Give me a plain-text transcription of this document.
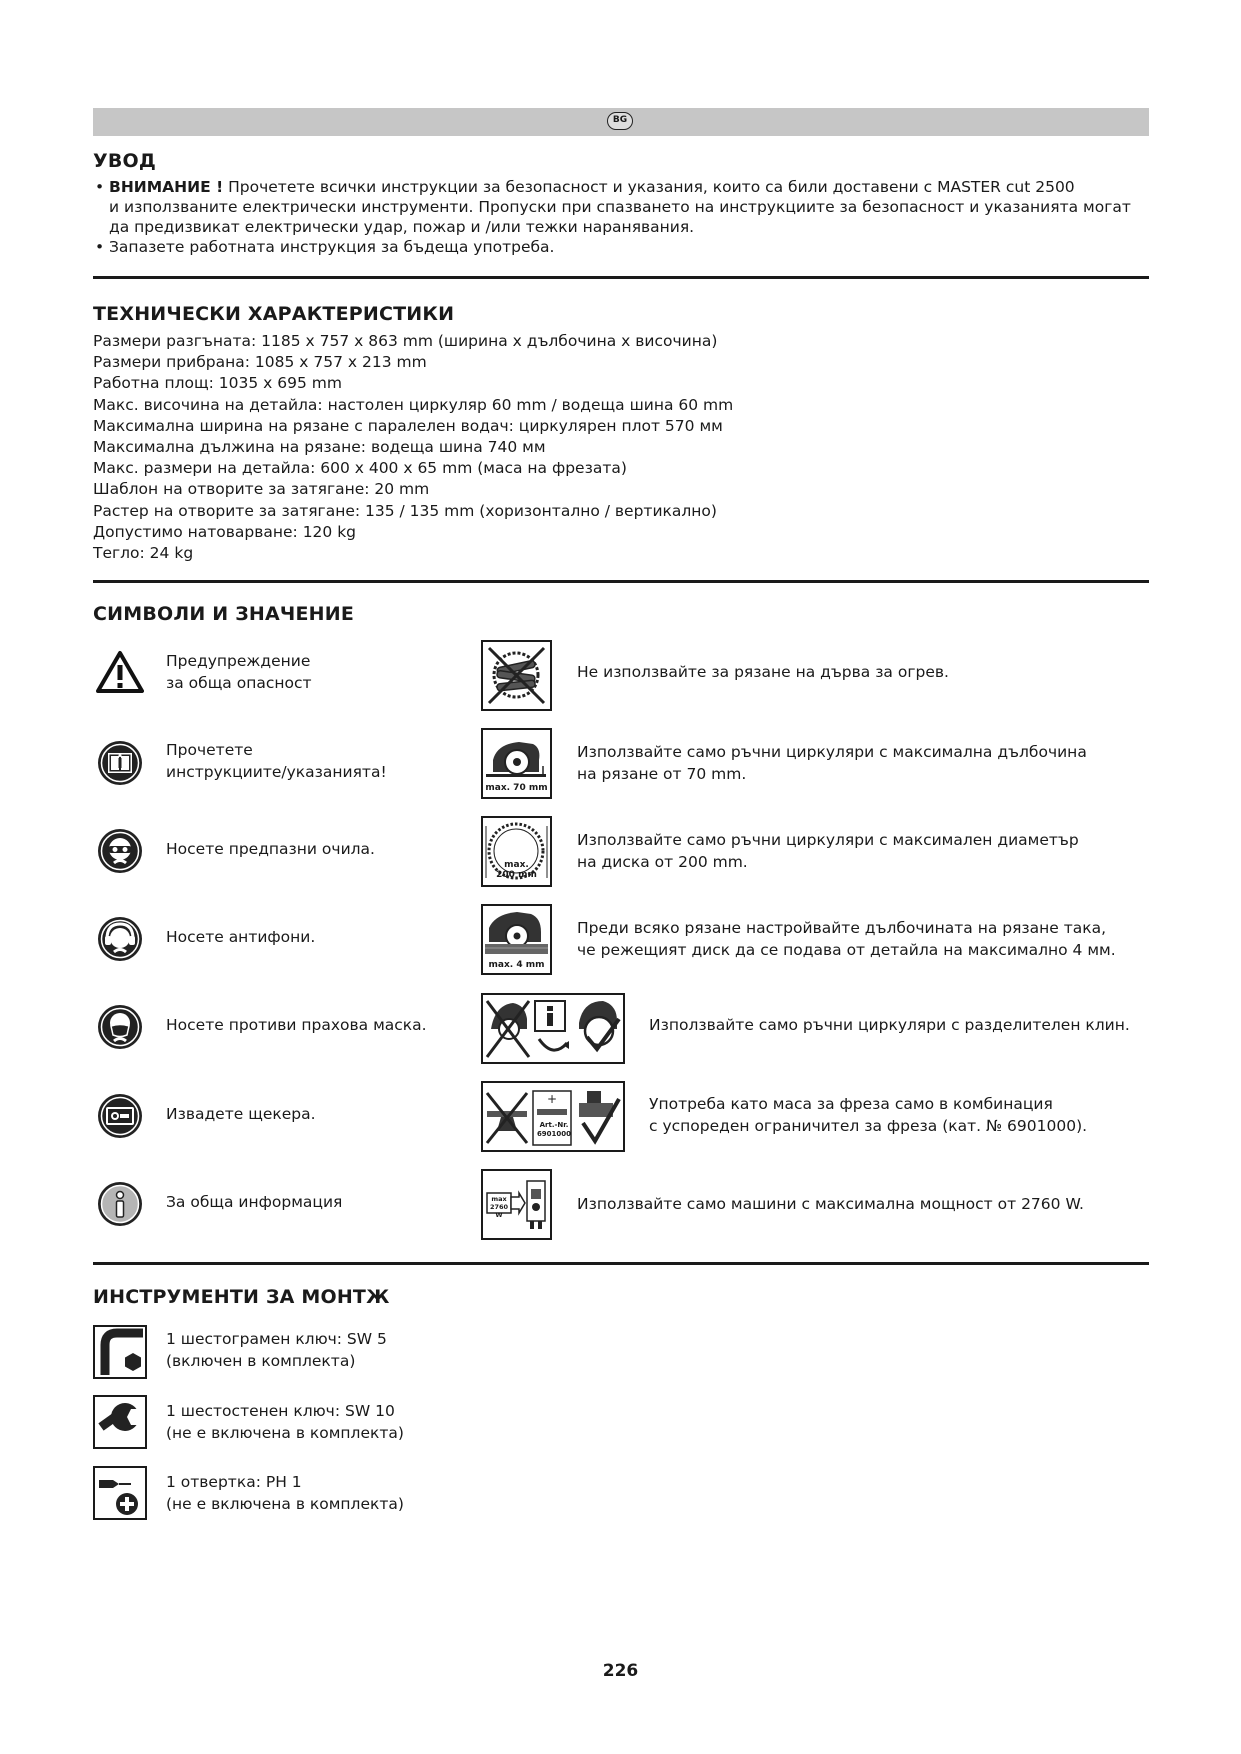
BG
УВОД
• ВНИМАНИЕ ! Прочетете всички инструкции за безопасност и указания, които са били доставени с MASTER cut 2500
и използваните електрически инструменти. Пропуски при спазването на инструкциите за безопасност и указанията могат
да предизвикат електрически удар, пожар и /или тежки наранявания.
• Запазете работната инструкция за бъдеща употреба.
ТЕХНИЧЕСКИ ХАРАКТЕРИСТИКИ
Размери разгъната: 1185 x 757 x 863 mm (ширина x дълбочина x височина)
Размери прибрана: 1085 x 757 x 213 mm
Работна площ: 1035 x 695 mm
Макс. височина на детайла: настолен циркуляр 60 mm / водеща шина 60 mm
Максимална ширина на рязане с паралелен водач: циркулярен плот 570 мм
Максимална дължина на рязане: водеща шина 740 мм
Макс. размери на детайла: 600 x 400 x 65 mm (маса на фрезата)
Шаблон на отворите за затягане: 20 mm
Растер на отворите за затягане: 135 / 135 mm (хоризонтално / вертикално)
Допустимо натоварване: 120 kg
Тегло: 24 kg
СИМВОЛИ И ЗНАЧЕНИЕ
Предупреждение
за обща опасност
Прочетете
инструкциите/указанията!
Носете предпазни очила.
Носете антифони.
Носете противи прахова маска.
Извадете щекера.
За обща информация
Не използвайте за рязане на дърва за огрев.
max. 70 mm
Използвайте само ръчни циркуляри с максимална дълбочина
на рязане от 70 mm.
max.
200 mm
Използвайте само ръчни циркуляри с максимален диаметър
на диска от 200 mm.
max. 4 mm
Преди всяко рязане настройвайте дълбочината на рязане така,
че режещият диск да се подава от детайла на максимално 4 мм.
Използвайте само ръчни циркуляри с разделителен клин.
+
Art.-Nr.
6901000
Употреба като маса за фреза само в комбинация
с успореден ограничител за фреза (кат. № 6901000).
max
2760 W
Използвайте само машини с максимална мощност от 2760 W.
ИНСТРУМЕНТИ ЗА МОНТЖ
1 шестограмен ключ: SW 5
(включен в комплекта)
1 шестостенен ключ: SW 10
(не е включена в комплекта)
1 отвертка: PH 1
(не е включена в комплекта)
226
